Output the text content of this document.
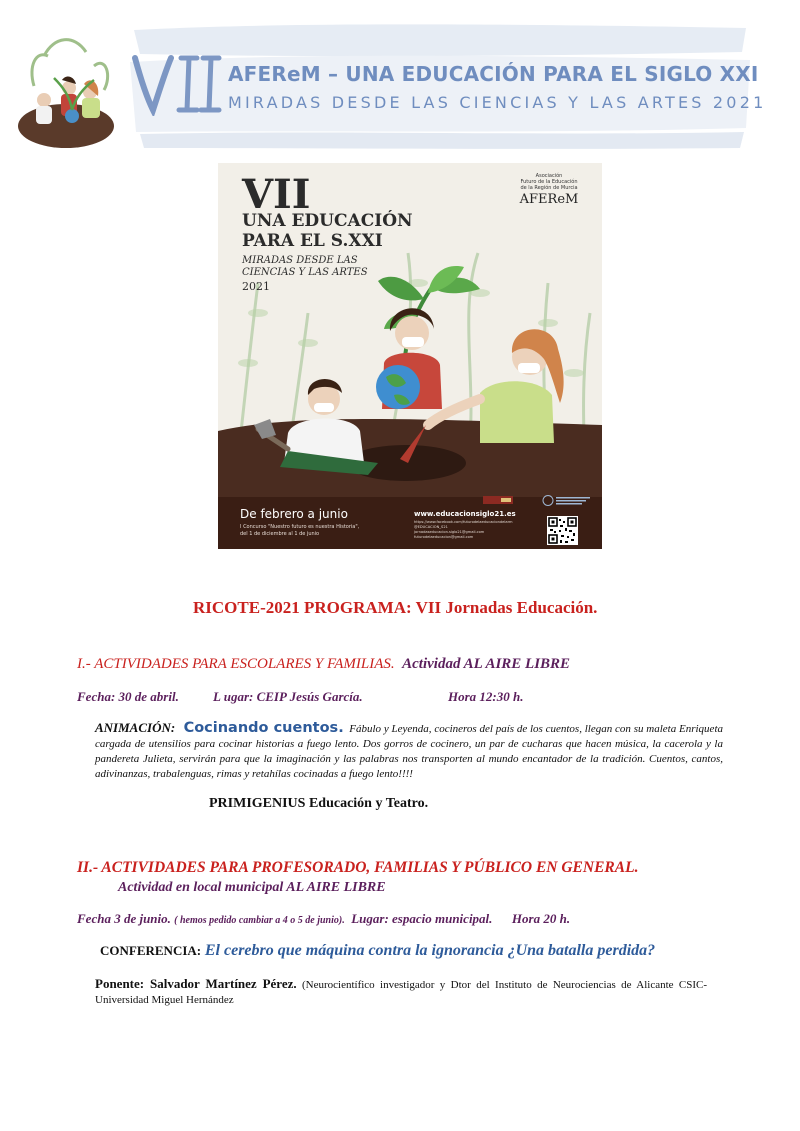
AFEReM – UNA EDUCACIÓN PARA EL SIGLO XXI
MIRADAS DESDE LAS CIENCIAS Y LAS ARTES 2021
VII
UNA EDUCACIÓN
PARA EL S.XXI
MIRADAS DESDE LAS
CIENCIAS Y LAS ARTES
2021
Asociación
Futuro de la Educación
de la Región de Murcia
AFEReM
De febrero a junio
I Concurso "Nuestro futuro es nuestra Historia",
del 1 de diciembre al 1 de junio
www.educacionsiglo21.es
https://www.facebook.com/futurodelaeducaciondelarm
@EDUCACION_S21
jornadaseducacion.siglo21@gmail.com
futurodelaeducacion@gmail.com
RICOTE-2021 PROGRAMA: VII Jornadas Educación.
I.- ACTIVIDADES PARA ESCOLARES Y FAMILIAS. Actividad AL AIRE LIBRE
Fecha: 30 de abril.	L ugar: CEIP Jesús García.	Hora 12:30 h.
ANIMACIÓN: Cocinando cuentos. Fábulo y Leyenda, cocineros del país de los cuentos, llegan con su maleta Enriqueta cargada de utensilios para cocinar historias a fuego lento. Dos gorros de cocinero, un par de cucharas que hacen música, la cacerola y la pandereta Julieta, servirán para que la imaginación y las palabras nos transporten al mundo encantador de la tradición. Cuentos, cantos, adivinanzas, trabalenguas, rimas y retahílas cocinadas a fuego lento!!!!
PRIMIGENIUS Educación y Teatro.
II.- ACTIVIDADES PARA PROFESORADO, FAMILIAS Y PÚBLICO EN GENERAL.
Actividad en local municipal AL AIRE LIBRE
Fecha 3 de junio. ( hemos pedido cambiar a 4 o 5 de junio). Lugar: espacio municipal. Hora 20 h.
CONFERENCIA: El cerebro que máquina contra la ignorancia ¿Una batalla perdida?
Ponente: Salvador Martínez Pérez. (Neurocientífico investigador y Dtor del Instituto de Neurociencias de Alicante CSIC-Universidad Miguel Hernández
